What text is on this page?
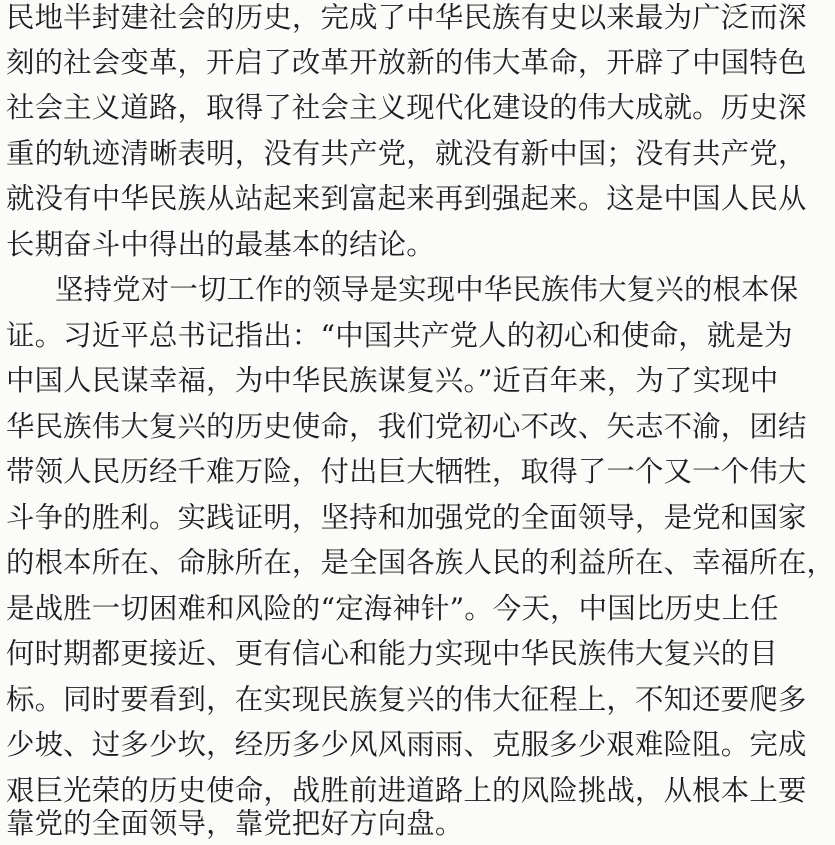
民地半封建社会的历史，完成了中华民族有史以来最为广泛而深
刻的社会变革，开启了改革开放新的伟大革命，开辟了中国特色
社会主义道路，取得了社会主义现代化建设的伟大成就。历史深
重的轨迹清晰表明，没有共产党，就没有新中国；没有共产党，
就没有中华民族从站起来到富起来再到强起来。这是中国人民从
长期奋斗中得出的最基本的结论。
坚持党对一切工作的领导是实现中华民族伟大复兴的根本保
证。习近平总书记指出：“中国共产党人的初心和使命，就是为
中国人民谋幸福，为中华民族谋复兴。”近百年来，为了实现中
华民族伟大复兴的历史使命，我们党初心不改、矢志不渝，团结
带领人民历经千难万险，付出巨大牺牲，取得了一个又一个伟大
斗争的胜利。实践证明，坚持和加强党的全面领导，是党和国家
的根本所在、命脉所在，是全国各族人民的利益所在、幸福所在，
是战胜一切困难和风险的“定海神针”。今天，中国比历史上任
何时期都更接近、更有信心和能力实现中华民族伟大复兴的目
标。同时要看到，在实现民族复兴的伟大征程上，不知还要爬多
少坡、过多少坎，经历多少风风雨雨、克服多少艰难险阻。完成
艰巨光荣的历史使命，战胜前进道路上的风险挑战，从根本上要
靠党的全面领导，靠党把好方向盘。
